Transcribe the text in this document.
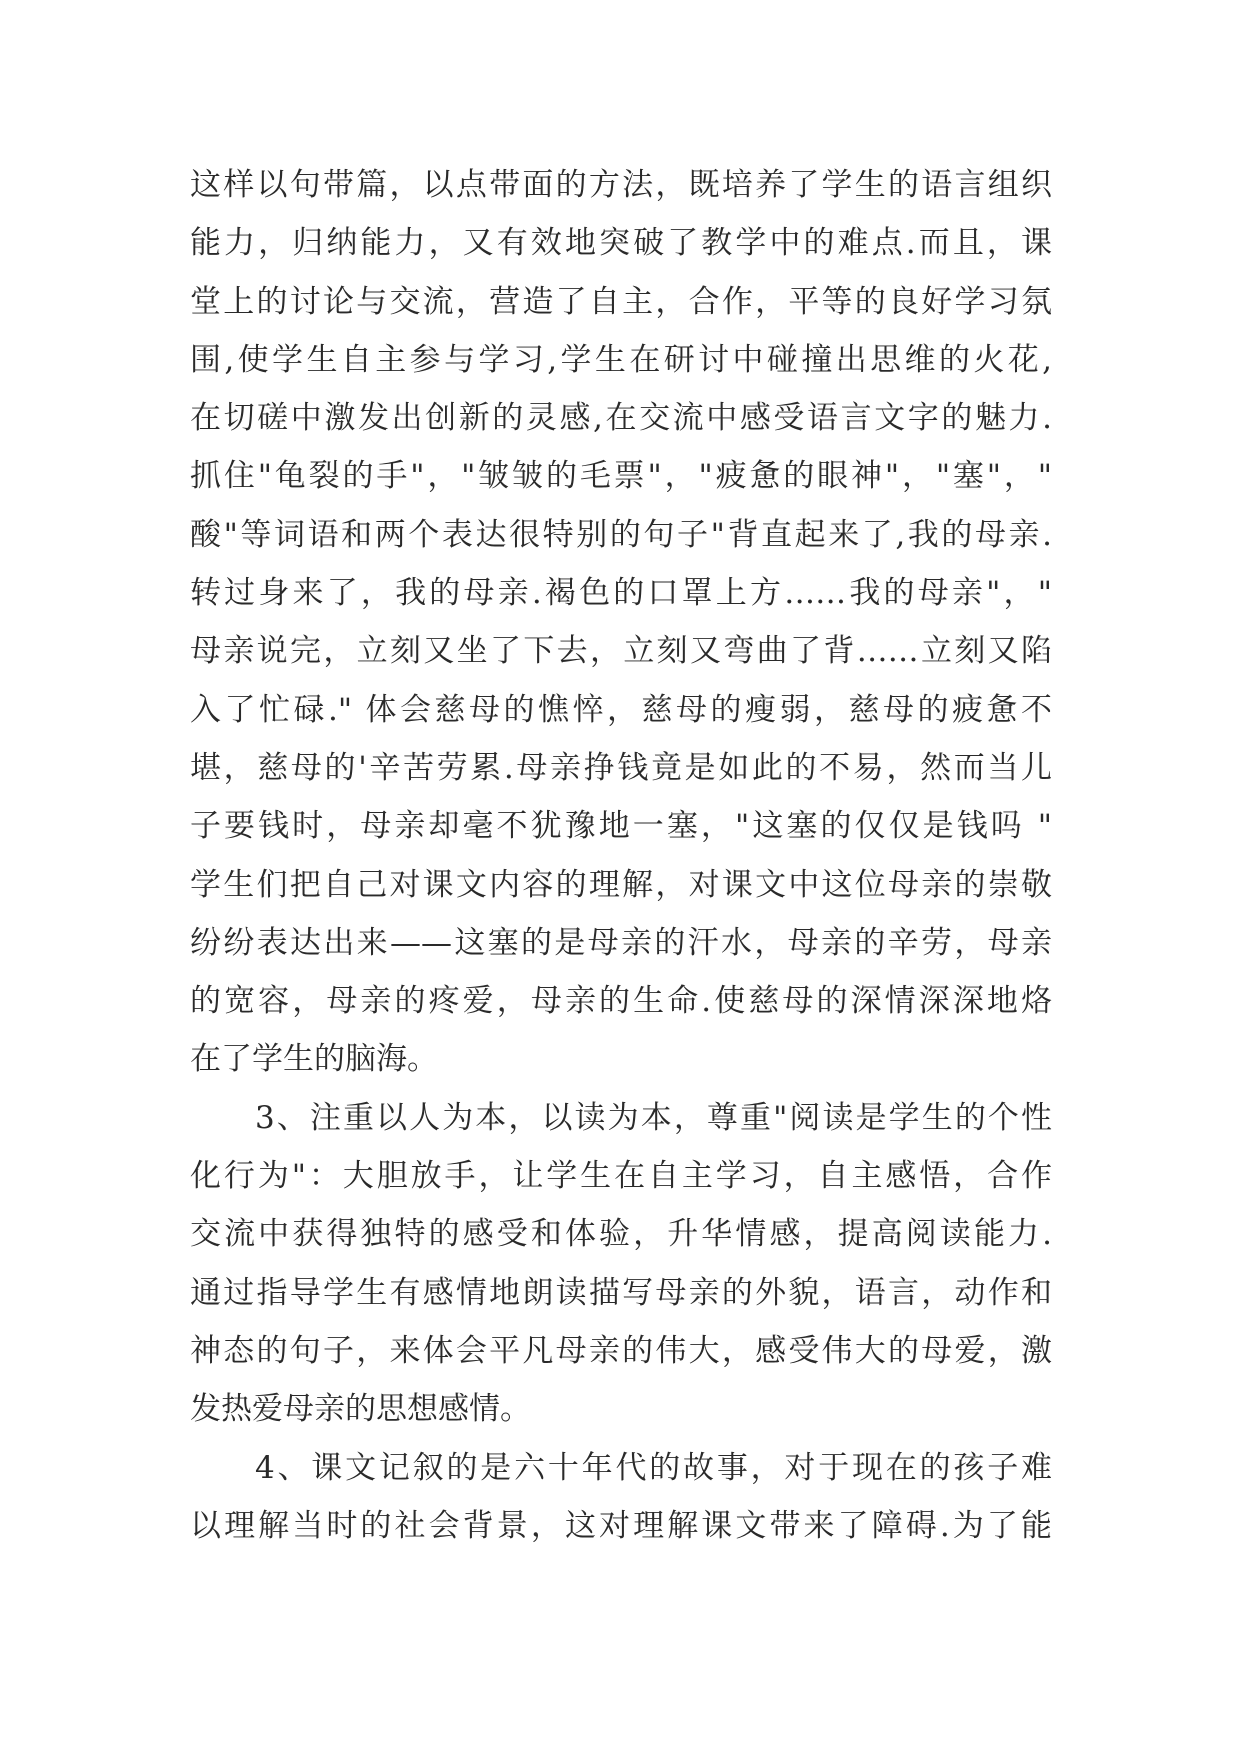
这样以句带篇，以点带面的方法，既培养了学生的语言组织
能力，归纳能力，又有效地突破了教学中的难点.而且，课
堂上的讨论与交流，营造了自主，合作，平等的良好学习氛
围,使学生自主参与学习,学生在研讨中碰撞出思维的火花,
在切磋中激发出创新的灵感,在交流中感受语言文字的魅力.
抓住"龟裂的手"，"皱皱的毛票"，"疲惫的眼神"，"塞"，"
酸"等词语和两个表达很特别的句子"背直起来了,我的母亲.
转过身来了，我的母亲.褐色的口罩上方……我的母亲"，"
母亲说完，立刻又坐了下去，立刻又弯曲了背……立刻又陷
入了忙碌." 体会慈母的憔悴，慈母的瘦弱，慈母的疲惫不
堪，慈母的'辛苦劳累.母亲挣钱竟是如此的不易，然而当儿
子要钱时，母亲却毫不犹豫地一塞，"这塞的仅仅是钱吗 "
学生们把自己对课文内容的理解，对课文中这位母亲的崇敬
纷纷表达出来——这塞的是母亲的汗水，母亲的辛劳，母亲
的宽容，母亲的疼爱，母亲的生命.使慈母的深情深深地烙
在了学生的脑海。
3、注重以人为本，以读为本，尊重"阅读是学生的个性
化行为"：大胆放手，让学生在自主学习，自主感悟，合作
交流中获得独特的感受和体验，升华情感，提高阅读能力.
通过指导学生有感情地朗读描写母亲的外貌，语言，动作和
神态的句子，来体会平凡母亲的伟大，感受伟大的母爱，激
发热爱母亲的思想感情。
4、课文记叙的是六十年代的故事，对于现在的孩子难
以理解当时的社会背景，这对理解课文带来了障碍.为了能
